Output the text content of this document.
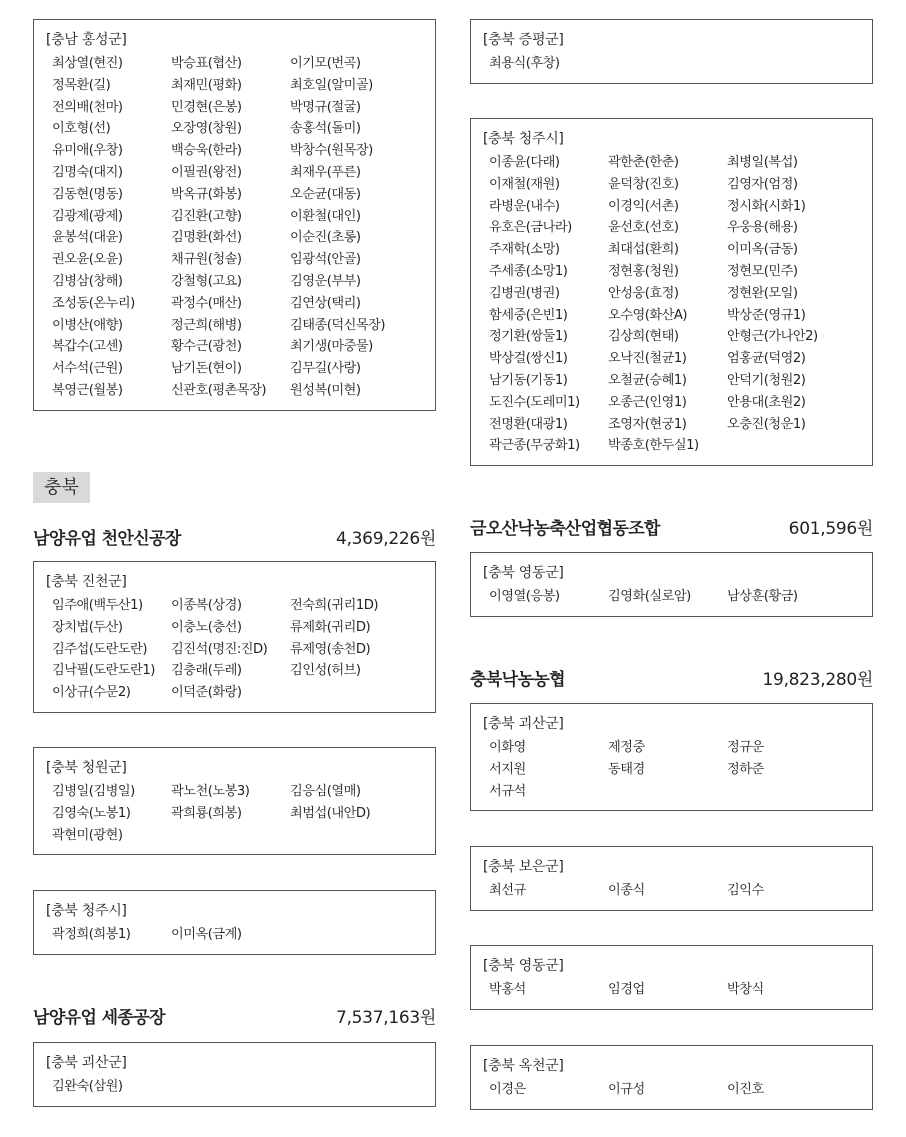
[충남 홍성군]
최상열(현진)	박승표(협산)	이기모(번곡)
정목환(길)	최재민(평화)	최호일(알미골)
전의배(천마)	민경현(은봉)	박명규(절굴)
이호형(선)	오장영(창원)	송홍석(돌미)
유미애(우창)	백승욱(한라)	박창수(원목장)
김명숙(대지)	이필권(왕전)	최재우(푸른)
김동현(명동)	박옥규(화봉)	오순균(대동)
김광제(광제)	김진환(고향)	이환철(대인)
윤봉석(대윤)	김명환(화선)	이순진(초롱)
권오윤(오윤)	채규원(청솔)	임광석(안골)
김병삼(창해)	강철형(고요)	김영운(부부)
조성동(온누리)	곽정수(매산)	김연상(택리)
이병산(애향)	정근희(해병)	김태종(덕신목장)
복갑수(고센)	황수근(광천)	최기생(마중물)
서수석(근원)	남기돈(현이)	김무길(사랑)
복영근(월봉)	신관호(평촌목장)	원성복(미현)
충북
남양유업 천안신공장	4,369,226원
[충북 진천군]
임주애(백두산1)	이종복(상경)	전숙희(귀리1D)
장치법(두산)	이충노(충선)	류제화(귀리D)
김주섭(도란도란)	김진석(명진:진D)	류제영(송천D)
김낙필(도란도란1)	김충래(두레)	김인성(허브)
이상규(수문2)	이덕준(화랑)
[충북 청원군]
김병일(김병일)	곽노천(노봉3)	김응심(열매)
김영숙(노봉1)	곽희룡(희봉)	최범섭(내안D)
곽현미(광현)
[충북 청주시]
곽정희(희봉1)	이미옥(금계)
남양유업 세종공장	7,537,163원
[충북 괴산군]
김완숙(삼원)
[충북 증평군]
최용식(후창)
[충북 청주시]
이종윤(다래)	곽한춘(한춘)	최병일(복섭)
이재철(재원)	윤덕창(진호)	김영자(엄정)
라병운(내수)	이경익(서촌)	정시화(시화1)
유호은(금나라)	윤선호(선호)	우웅용(해용)
주재학(소망)	최대섭(환희)	이미옥(금동)
주세종(소망1)	정현홍(청원)	정현모(민주)
김병권(병권)	안성웅(효정)	정현완(모일)
함세중(은빈1)	오수영(화산A)	박상준(영규1)
정기환(쌍둘1)	김상희(현태)	안형근(가나안2)
박상걸(쌍신1)	오낙진(철균1)	엄홍균(덕영2)
남기동(기동1)	오철균(승혜1)	안덕기(청원2)
도진수(도레미1)	오종근(인영1)	안용대(초원2)
전명환(대광1)	조영자(현궁1)	오충진(청운1)
곽근종(무궁화1)	박종호(한두실1)
금오산낙농축산업협동조합	601,596원
[충북 영동군]
이영열(응봉)	김영화(실로암)	남상훈(황금)
충북낙농농협	19,823,280원
[충북 괴산군]
이화영	제정중	정규운
서지원	동태경	정하준
서규석
[충북 보은군]
최선규	이종식	김익수
[충북 영동군]
박홍석	임경업	박창식
[충북 옥천군]
이경은	이규성	이진호
